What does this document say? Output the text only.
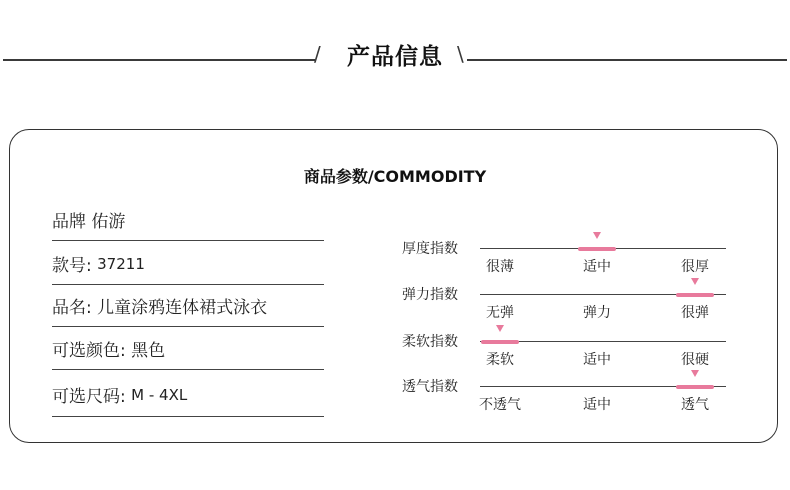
/	产品信息 \
商品参数/COMMODITY
品牌 佑游
款号: 37211
品名: 儿童涂鸦连体裙式泳衣
可选颜色: 黑色
可选尺码: M - 4XL
厚度指数
很薄	适中	很厚
弹力指数
无弹	弹力	很弹
柔软指数
柔软	适中	很硬
透气指数
不透气	适中	透气
